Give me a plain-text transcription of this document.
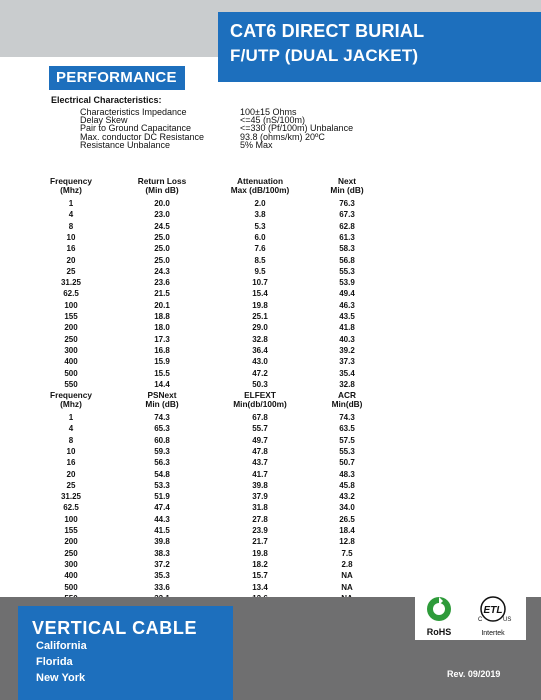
CAT6 DIRECT BURIAL
F/UTP (DUAL JACKET)
PERFORMANCE
Electrical Characteristics:
Characteristics Impedance	100±15 Ohms
Delay Skew	<=45 (nS/100m)
Pair to Ground Capacitance	<=330 (Pf/100m) Unbalance
Max. conductor DC Resistance	93.8 (ohms/km) 20ºC
Resistance Unbalance	5% Max
Frequency	Return Loss	Attenuation	Next
(Mhz)	(Min dB)	Max (dB/100m)	Min (dB)
1	20.0	2.0	76.3
4	23.0	3.8	67.3
8	24.5	5.3	62.8
10	25.0	6.0	61.3
16	25.0	7.6	58.3
20	25.0	8.5	56.8
25	24.3	9.5	55.3
31.25	23.6	10.7	53.9
62.5	21.5	15.4	49.4
100	20.1	19.8	46.3
155	18.8	25.1	43.5
200	18.0	29.0	41.8
250	17.3	32.8	40.3
300	16.8	36.4	39.2
400	15.9	43.0	37.3
500	15.5	47.2	35.4
550	14.4	50.3	32.8
Frequency	PSNext	ELFEXT	ACR
(Mhz)	Min (dB)	Min(db/100m)	Min(dB)
1	74.3	67.8	74.3
4	65.3	55.7	63.5
8	60.8	49.7	57.5
10	59.3	47.8	55.3
16	56.3	43.7	50.7
20	54.8	41.7	48.3
25	53.3	39.8	45.8
31.25	51.9	37.9	43.2
62.5	47.4	31.8	34.0
100	44.3	27.8	26.5
155	41.5	23.9	18.4
200	39.8	21.7	12.8
250	38.3	19.8	7.5
300	37.2	18.2	2.8
400	35.3	15.7	NA
500	33.6	13.4	NA
VERTICAL CABLE
California
Florida
New York
RoHS
ETL
C	US
Intertek
Rev. 09/2019
